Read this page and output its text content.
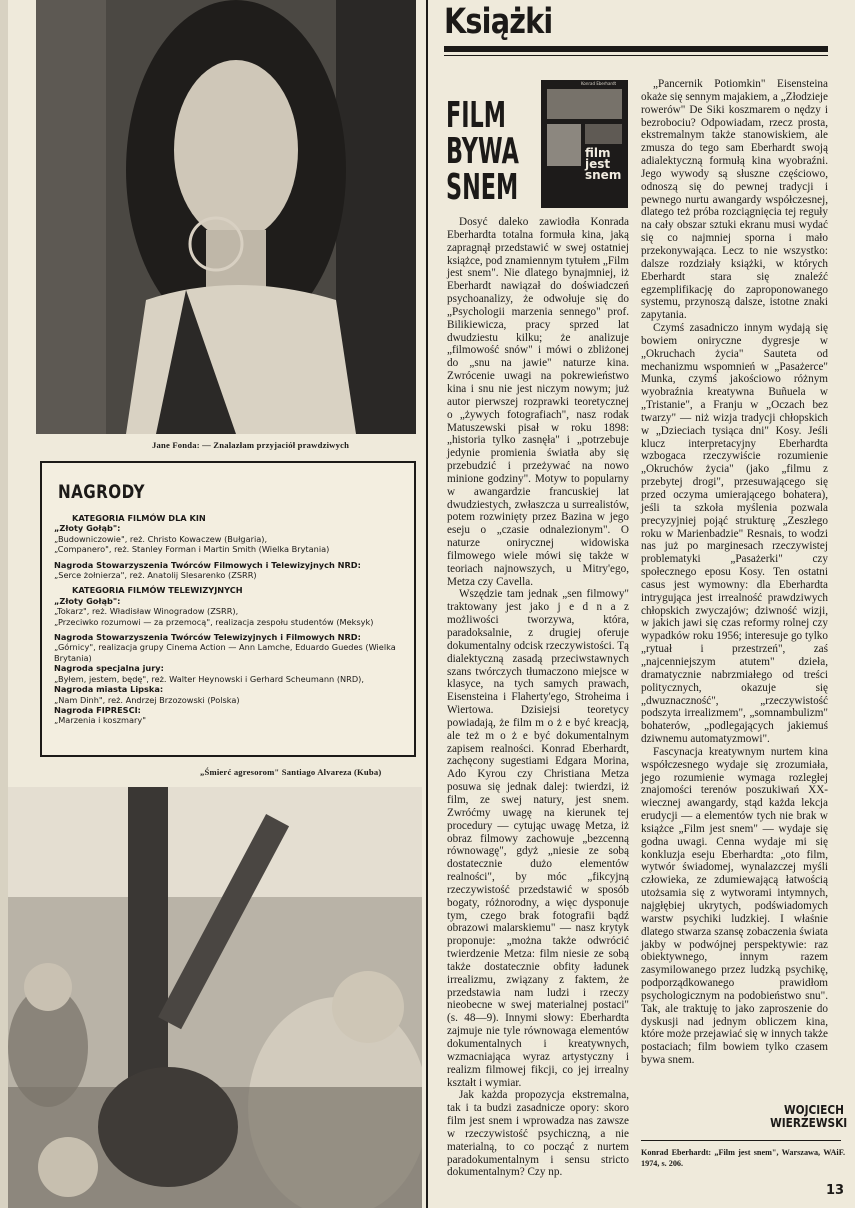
Jane Fonda: — Znalazłam przyjaciół prawdziwych
NAGRODY
KATEGORIA FILMÓW DLA KIN
„Złoty Gołąb":
„Budowniczowie", reż. Christo Kowaczew (Bułgaria),
„Companero", reż. Stanley Forman i Martin Smith (Wielka Brytania)
Nagroda Stowarzyszenia Twórców Filmowych i Telewizyjnych NRD:
„Serce żołnierza", reż. Anatolij Slesarenko (ZSRR)
KATEGORIA FILMÓW TELEWIZYJNYCH
„Złoty Gołąb":
„Tokarz", reż. Władisław Winogradow (ZSRR),
„Przeciwko rozumowi — za przemocą", realizacja zespołu studentów (Meksyk)
Nagroda Stowarzyszenia Twórców Telewizyjnych i Filmowych NRD:
„Górnicy", realizacja grupy Cinema Action — Ann Lamche, Eduardo Guedes (Wielka Brytania)
Nagroda specjalna jury:
„Byłem, jestem, będę", reż. Walter Heynowski i Gerhard Scheumann (NRD),
Nagroda miasta Lipska:
„Nam Dinh", reż. Andrzej Brzozowski (Polska)
Nagroda FIPRESCI:
„Marzenia i koszmary"
„Śmierć agresorom" Santiago Alvareza (Kuba)
Książki
FILM
BYWA
SNEM
Konrad Eberhardt
film jest snem

Dosyć daleko zawiodła Konrada Eberhardta totalna formuła kina, jaką zapragnął przedstawić w swej ostatniej książce, pod znamiennym tytułem „Film jest snem". Nie dlatego bynajmniej, iż Eberhardt nawiązał do doświadczeń psychoanalizy, że odwołuje się do „Psychologii marzenia sennego" prof. Bilikiewicza, pracy sprzed lat dwudziestu kilku; że analizuje „filmowość snów" i mówi o zbliżonej do „snu na jawie" naturze kina. Zwrócenie uwagi na pokrewieństwo kina i snu nie jest niczym nowym; już autor pierwszej rozprawki teoretycznej o „żywych fotografiach", nasz rodak Matuszewski pisał w roku 1898: „historia tylko zasnęła" i „potrzebuje jedynie promienia światła aby się przebudzić i przeżywać na nowo minione godziny". Motyw to popularny w awangardzie francuskiej lat dwudziestych, zwłaszcza u surrealistów, potem rozwinięty przez Bazina w jego eseju o „czasie odnalezionym". O naturze onirycznej widowiska filmowego wiele mówi się także w teoriach najnowszych, u Mitry'ego, Metza czy Cavella.

Wszędzie tam jednak „sen filmowy" traktowany jest jako j e d n a z możliwości tworzywa, która, paradoksalnie, z drugiej oferuje dokumentalny odcisk rzeczywistości. Tą dialektyczną zasadą przeciwstawnych szans twórczych tłumaczono miejsce w klasyce, na tych samych prawach, Eisensteina i Flaherty'ego, Stroheima i Wiertowa. Dzisiejsi teoretycy powiadają, że film m o ż e być kreacją, ale też m o ż e być dokumentalnym zapisem realności. Konrad Eberhardt, zachęcony sugestiami Edgara Morina, Ado Kyrou czy Christiana Metza posuwa się jednak dalej: twierdzi, iż film, ze swej natury, jest snem. Zwróćmy uwagę na kierunek tej procedury — cytując uwagę Metza, iż obraz filmowy zachowuje „bezcenną równowagę", gdyż „niesie ze sobą dostatecznie dużo elementów realności", by móc „fikcyjną rzeczywistość przedstawić w sposób bogaty, różnorodny, a więc dysponuje tym, czego brak fotografii bądź obrazowi malarskiemu" — nasz krytyk proponuje: „można także odwrócić twierdzenie Metza: film niesie ze sobą także dostatecznie obfity ładunek irrealizmu, związany z faktem, że przedstawia nam ludzi i rzeczy nieobecne w swej materialnej postaci" (s. 48—9). Innymi słowy: Eberhardta zajmuje nie tyle równowaga elementów dokumentalnych i kreatywnych, wzmacniająca wyraz artystyczny i realizm filmowej fikcji, co jej irrealny kształt i wymiar.

Jak każda propozycja ekstremalna, tak i ta budzi zasadnicze opory: skoro film jest snem i wprowadza nas zawsze w rzeczywistość psychiczną, a nie materialną, to co począć z nurtem paradokumentalnym i sensu stricto dokumentalnym? Czy np.

„Pancernik Potiomkin" Eisensteina okaże się sennym majakiem, a „Złodzieje rowerów" De Siki koszmarem o nędzy i bezrobociu? Odpowiadam, rzecz prosta, ekstremalnym także stanowiskiem, ale zmusza do tego sam Eberhardt swoją adialektyczną formułą kina wyobraźni. Jego wywody są słuszne częściowo, odnoszą się do pewnej tradycji i pewnego nurtu awangardy współczesnej, dlatego też próba rozciągnięcia tej reguły na cały obszar sztuki ekranu musi wydać się co najmniej sporna i mało przekonywająca. Lecz to nie wszystko: dalsze rozdziały książki, w których Eberhardt stara się znaleźć egzemplifikację do zaproponowanego systemu, przynoszą dalsze, istotne znaki zapytania.

Czymś zasadniczo innym wydają się bowiem oniryczne dygresje w „Okruchach życia" Sauteta od mechanizmu wspomnień w „Pasażerce" Munka, czymś jakościowo różnym wyobraźnia kreatywna Buñuela w „Tristanie", a Franju w „Oczach bez twarzy" — niż wizja tradycji chłopskich w „Dzieciach tysiąca dni" Kosy. Jeśli klucz interpretacyjny Eberhardta wzbogaca rzeczywiście rozumienie „Okruchów życia" (jako „filmu z przebytej drogi", przesuwającego się przed oczyma umierającego bohatera), jeśli ta szkoła myślenia pozwala precyzyjniej pojąć strukturę „Zeszłego roku w Marienbadzie" Resnais, to wodzi nas już po marginesach rzeczywistej problematyki „Pasażerki" czy społecznego eposu Kosy. Ten ostatni casus jest wymowny: dla Eberhardta intrygująca jest irrealność prawdziwych chłopskich zwyczajów; dziwność wizji, w jakich jawi się czas reformy rolnej czy wypadków roku 1956; interesuje go tylko „rytuał i przestrzeń", zaś „najcenniejszym atutem" dzieła, dramatycznie nabrzmiałego od treści politycznych, okazuje się „dwuznaczność", „rzeczywistość podszyta irrealizmem", „somnambulizm" bohaterów, „podlegających jakiemuś dziwnemu automatyzmowi".

Fascynacja kreatywnym nurtem kina współczesnego wydaje się zrozumiała, jego rozumienie wymaga rozległej znajomości terenów poszukiwań XX-wiecznej awangardy, stąd każda lekcja erudycji — a elementów tych nie brak w książce „Film jest snem" — wydaje się godna uwagi. Cenna wydaje mi się konkluzja eseju Eberhardta: „oto film, wytwór świadomej, wynalazczej myśli człowieka, ze zdumiewającą łatwością utożsamia się z wytworami intymnych, najgłębiej ukrytych, podświadomych warstw psychiki ludzkiej. I właśnie dlatego stwarza szansę zobaczenia świata jakby w podwójnej perspektywie: raz obiektywnego, innym razem zasymilowanego przez ludzką psychikę, podporządkowanego prawidłom psychologicznym na podobieństwo snu". Tak, ale traktuję to jako zaproszenie do dyskusji nad jednym obliczem kina, które może przejawiać się w innych także postaciach; film bowiem tylko czasem bywa snem.

WOJCIECH
WIERZEWSKI
Konrad Eberhardt: „Film jest snem", Warszawa, WAiF. 1974, s. 206.
13
